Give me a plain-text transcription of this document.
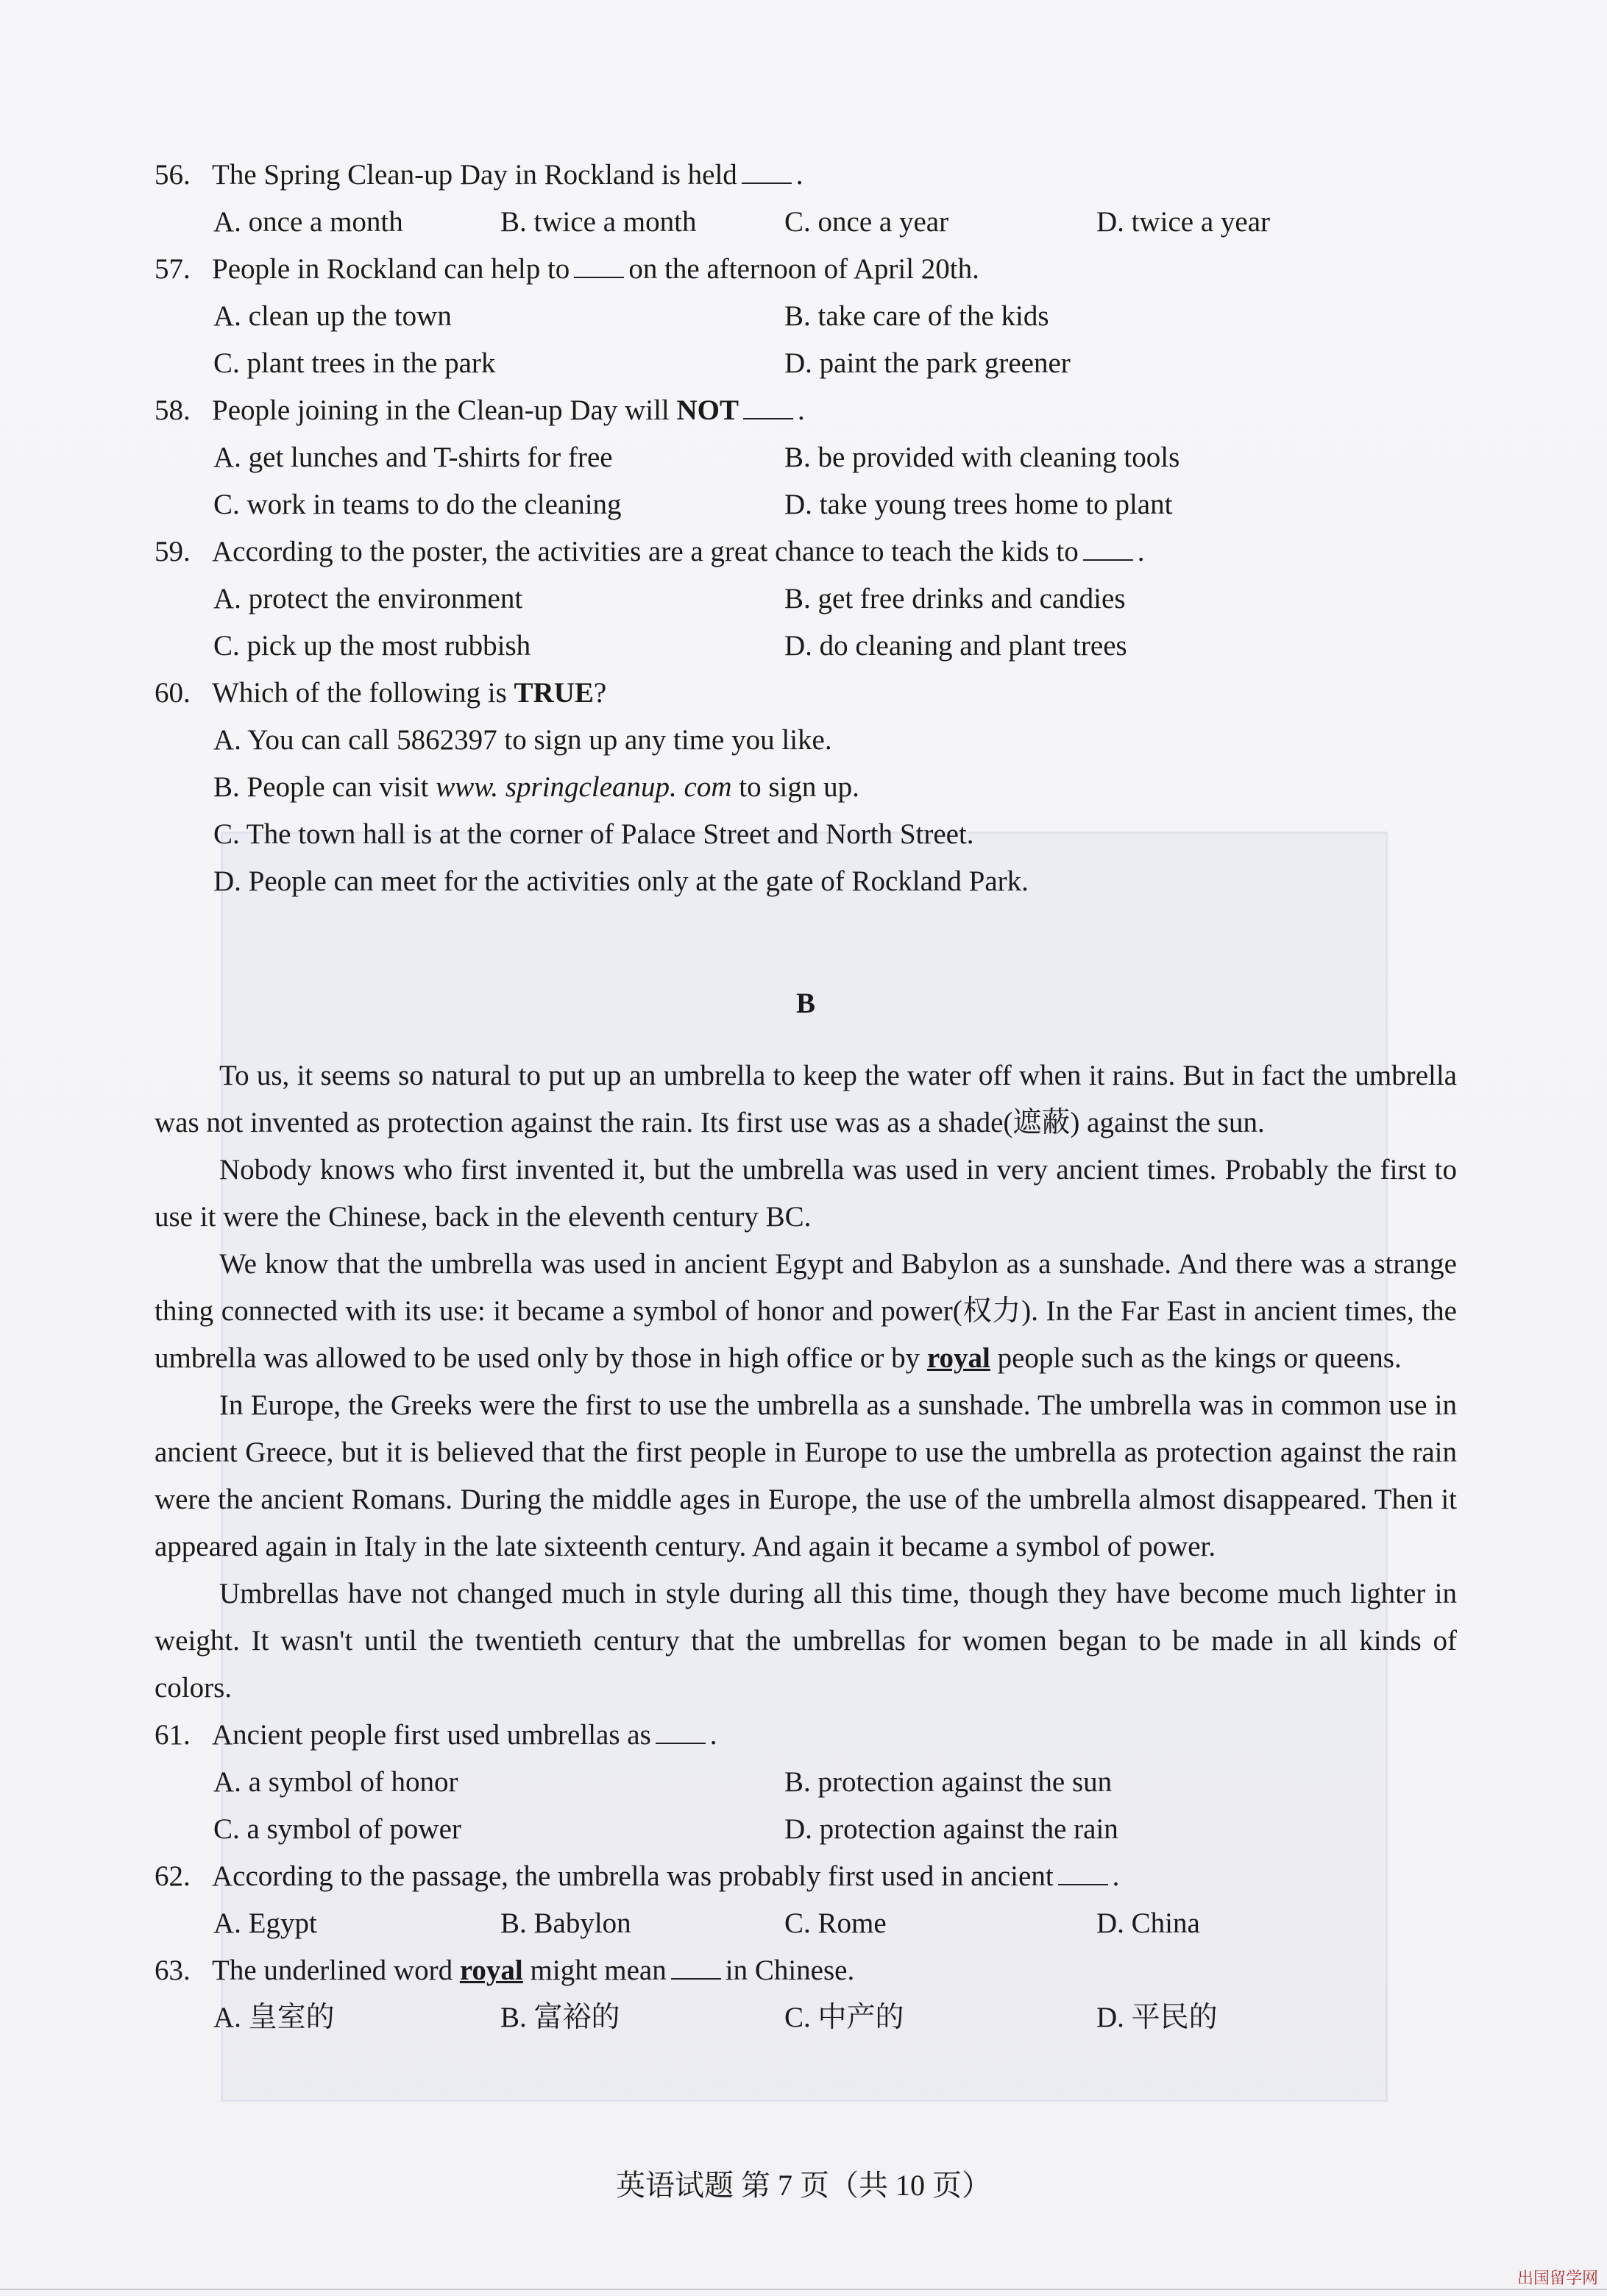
56. The Spring Clean-up Day in Rockland is held .
A. once a month	B. twice a month	C. once a year	D. twice a year
57. People in Rockland can help to on the afternoon of April 20th.
A. clean up the town	B. take care of the kids
C. plant trees in the park	D. paint the park greener
58. People joining in the Clean-up Day will NOT .
A. get lunches and T-shirts for free	B. be provided with cleaning tools
C. work in teams to do the cleaning	D. take young trees home to plant
59. According to the poster, the activities are a great chance to teach the kids to .
A. protect the environment	B. get free drinks and candies
C. pick up the most rubbish	D. do cleaning and plant trees
60. Which of the following is TRUE?
A. You can call 5862397 to sign up any time you like.
B. People can visit www. springcleanup. com to sign up.
C. The town hall is at the corner of Palace Street and North Street.
D. People can meet for the activities only at the gate of Rockland Park.
B

To us, it seems so natural to put up an umbrella to keep the water off when it rains. But in fact the umbrella was not invented as protection against the rain. Its first use was as a shade(遮蔽) against the sun.

Nobody knows who first invented it, but the umbrella was used in very ancient times. Probably the first to use it were the Chinese, back in the eleventh century BC.

We know that the umbrella was used in ancient Egypt and Babylon as a sunshade. And there was a strange thing connected with its use: it became a symbol of honor and power(权力). In the Far East in ancient times, the umbrella was allowed to be used only by those in high office or by royal people such as the kings or queens.

In Europe, the Greeks were the first to use the umbrella as a sunshade. The umbrella was in common use in ancient Greece, but it is believed that the first people in Europe to use the umbrella as protection against the rain were the ancient Romans. During the middle ages in Europe, the use of the umbrella almost disappeared. Then it appeared again in Italy in the late sixteenth century. And again it became a symbol of power.

Umbrellas have not changed much in style during all this time, though they have become much lighter in weight. It wasn't until the twentieth century that the umbrellas for women began to be made in all kinds of colors.

61. Ancient people first used umbrellas as .
A. a symbol of honor	B. protection against the sun
C. a symbol of power	D. protection against the rain
62. According to the passage, the umbrella was probably first used in ancient .
A. Egypt	B. Babylon	C. Rome	D. China
63. The underlined word royal might mean in Chinese.
A. 皇室的	B. 富裕的	C. 中产的	D. 平民的
英语试题 第 7 页（共 10 页）
出国留学网
